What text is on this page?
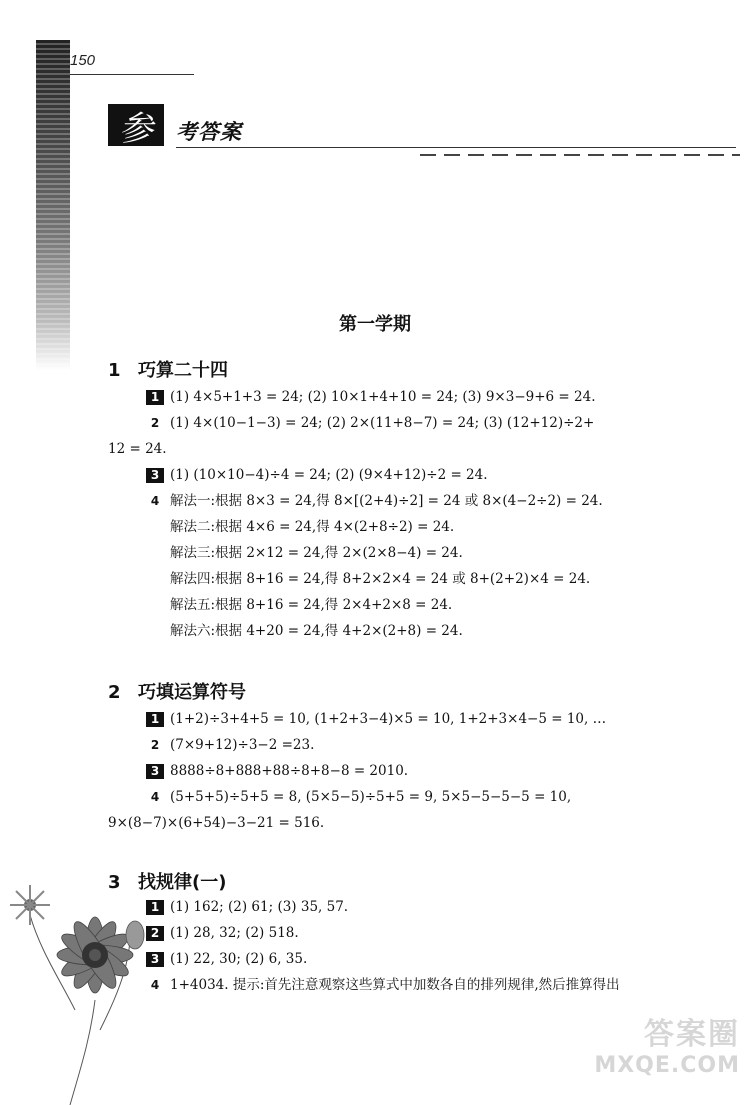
150
参	考答案
第一学期
1 巧算二十四
1 (1) 4×5+1+3 = 24; (2) 10×1+4+10 = 24; (3) 9×3−9+6 = 24.
2 (1) 4×(10−1−3) = 24; (2) 2×(11+8−7) = 24; (3) (12+12)÷2+
12 = 24.
3 (1) (10×10−4)÷4 = 24; (2) (9×4+12)÷2 = 24.
4 解法一:根据 8×3 = 24,得 8×[(2+4)÷2] = 24 或 8×(4−2÷2) = 24.
解法二:根据 4×6 = 24,得 4×(2+8÷2) = 24.
解法三:根据 2×12 = 24,得 2×(2×8−4) = 24.
解法四:根据 8+16 = 24,得 8+2×2×4 = 24 或 8+(2+2)×4 = 24.
解法五:根据 8+16 = 24,得 2×4+2×8 = 24.
解法六:根据 4+20 = 24,得 4+2×(2+8) = 24.
2 巧填运算符号
1 (1+2)÷3+4+5 = 10, (1+2+3−4)×5 = 10, 1+2+3×4−5 = 10, …
2 (7×9+12)÷3−2 =23.
3 8888÷8+888+88÷8+8−8 = 2010.
4 (5+5+5)÷5+5 = 8, (5×5−5)÷5+5 = 9, 5×5−5−5−5 = 10,
9×(8−7)×(6+54)−3−21 = 516.
3 找规律(一)
1 (1) 162; (2) 61; (3) 35, 57.
2 (1) 28, 32; (2) 518.
3 (1) 22, 30; (2) 6, 35.
4 1+4034. 提示:首先注意观察这些算式中加数各自的排列规律,然后推算得出
答案圈
MXQE.COM
